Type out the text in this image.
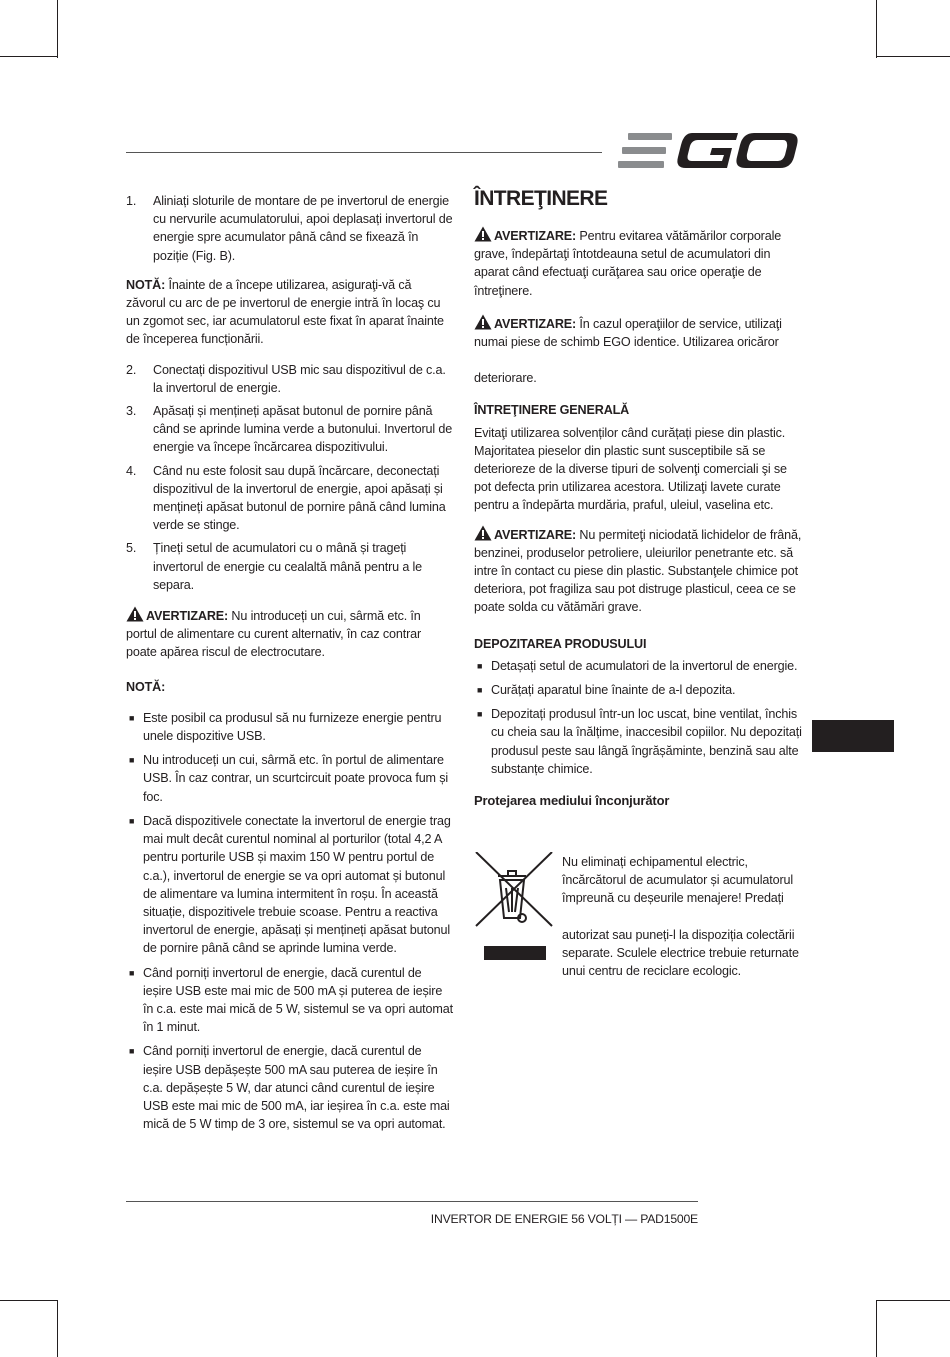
1. Aliniați sloturile de montare de pe invertorul de energie cu nervurile acumulatorului, apoi deplasați invertorul de energie spre acumulator până când se fixează în poziție (Fig. B).

NOTĂ: Înainte de a începe utilizarea, asiguraţi-vă că zăvorul cu arc de pe invertorul de energie intră în locaş cu un zgomot sec, iar acumulatorul este fixat în aparat înainte de începerea funcționării.

2. Conectați dispozitivul USB mic sau dispozitivul de c.a. la invertorul de energie.
3. Apăsați și mențineți apăsat butonul de pornire până când se aprinde lumina verde a butonului. Invertorul de energie va începe încărcarea dispozitivului.
4. Când nu este folosit sau după încărcare, deconectați dispozitivul de la invertorul de energie, apoi apăsați și mențineți apăsat butonul de pornire până când lumina verde se stinge.
5. Țineți setul de acumulatori cu o mână și trageți invertorul de energie cu cealaltă mână pentru a le separa.

AVERTIZARE: Nu introduceți un cui, sârmă etc. în portul de alimentare cu curent alternativ, în caz contrar poate apărea riscul de electrocutare.

NOTĂ:

■ Este posibil ca produsul să nu furnizeze energie pentru unele dispozitive USB.
■ Nu introduceți un cui, sârmă etc. în portul de alimentare USB. În caz contrar, un scurtcircuit poate provoca fum și foc.
■ Dacă dispozitivele conectate la invertorul de energie trag mai mult decât curentul nominal al porturilor (total 4,2 A pentru porturile USB și maxim 150 W pentru portul de c.a.), invertorul de energie se va opri automat și butonul de alimentare va lumina intermitent în roșu. În această situație, dispozitivele trebuie scoase. Pentru a reactiva invertorul de energie, apăsați și mențineți apăsat butonul de pornire până când se aprinde lumina verde.
■ Când porniți invertorul de energie, dacă curentul de ieșire USB este mai mic de 500 mA și puterea de ieșire în c.a. este mai mică de 5 W, sistemul se va opri automat în 1 minut.
■ Când porniți invertorul de energie, dacă curentul de ieșire USB depășește 500 mA sau puterea de ieșire în c.a. depășește 5 W, dar atunci când curentul de ieșire USB este mai mic de 500 mA, iar ieșirea în c.a. este mai mică de 5 W timp de 3 ore, sistemul se va opri automat.
ÎNTREŢINERE

AVERTIZARE: Pentru evitarea vătămărilor corporale grave, îndepărtaţi întotdeauna setul de acumulatori din aparat când efectuaţi curăţarea sau orice operaţie de întreţinere.

AVERTIZARE: În cazul operaţiilor de service, utilizaţi numai piese de schimb EGO identice. Utilizarea oricăror

deteriorare.

ÎNTREŢINERE GENERALĂ

Evitaţi utilizarea solvenților când curățați piese din plastic. Majoritatea pieselor din plastic sunt susceptibile să se deterioreze de la diverse tipuri de solvenţi comerciali şi se pot defecta prin utilizarea acestora. Utilizaţi lavete curate pentru a îndepărta murdăria, praful, uleiul, vaselina etc.

AVERTIZARE: Nu permiteţi niciodată lichidelor de frână, benzinei, produselor petroliere, uleiurilor penetrante etc. să intre în contact cu piese din plastic. Substanţele chimice pot deteriora, pot fragiliza sau pot distruge plasticul, ceea ce se poate solda cu vătămări grave.

DEPOZITAREA PRODUSULUI

■ Detașați setul de acumulatori de la invertorul de energie.
■ Curățați aparatul bine înainte de a-l depozita.
■ Depozitați produsul într-un loc uscat, bine ventilat, închis cu cheia sau la înălțime, inaccesibil copiilor. Nu depozitați produsul peste sau lângă îngrășăminte, benzină sau alte substanțe chimice.

Protejarea mediului înconjurător

Nu eliminați echipamentul electric, încărcătorul de acumulator și acumulatorul împreună cu deșeurile menajere! Predați

autorizat sau puneți-l la dispoziția colectării separate. Sculele electrice trebuie returnate unui centru de reciclare ecologic.

INVERTOR DE ENERGIE 56 VOLȚI — PAD1500E
